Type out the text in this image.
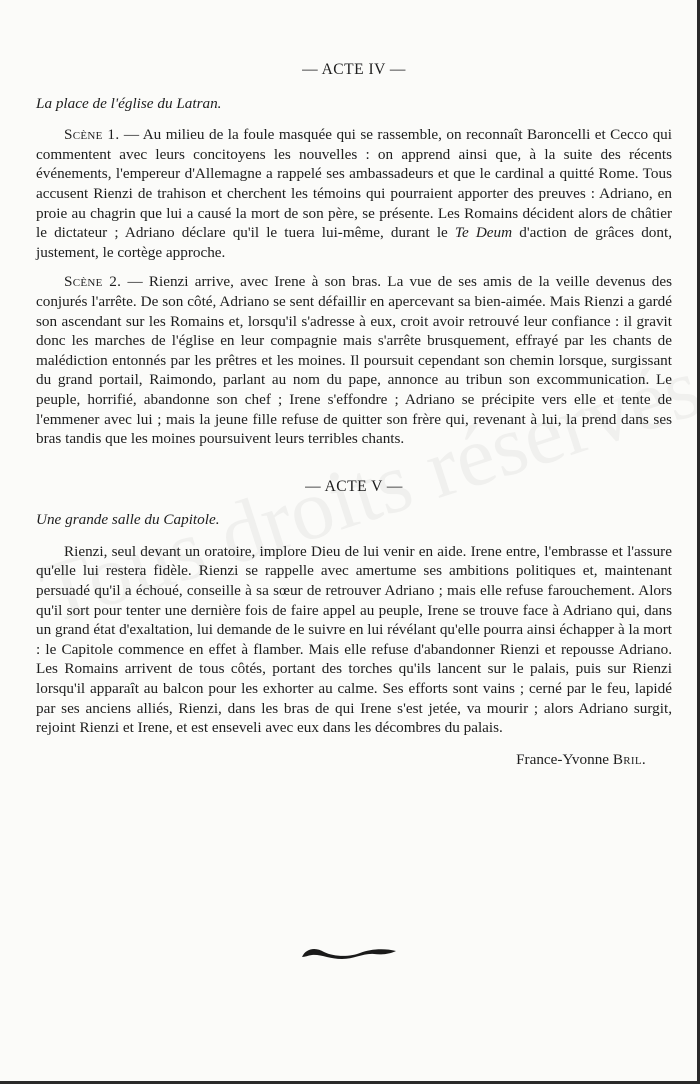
— ACTE IV —
La place de l'église du Latran.

Scène 1. — Au milieu de la foule masquée qui se rassemble, on reconnaît Baroncelli et Cecco qui commentent avec leurs concitoyens les nouvelles : on apprend ainsi que, à la suite des récents événements, l'empereur d'Allemagne a rappelé ses ambassadeurs et que le cardinal a quitté Rome. Tous accusent Rienzi de trahison et cherchent les témoins qui pourraient apporter des preuves : Adriano, en proie au chagrin que lui a causé la mort de son père, se présente. Les Romains décident alors de châtier le dictateur ; Adriano déclare qu'il le tuera lui-même, durant le Te Deum d'action de grâces dont, justement, le cortège approche.

Scène 2. — Rienzi arrive, avec Irene à son bras. La vue de ses amis de la veille devenus des conjurés l'arrête. De son côté, Adriano se sent défaillir en apercevant sa bien-aimée. Mais Rienzi a gardé son ascendant sur les Romains et, lorsqu'il s'adresse à eux, croit avoir retrouvé leur confiance : il gravit donc les marches de l'église en leur compagnie mais s'arrête brusquement, effrayé par les chants de malédiction entonnés par les prêtres et les moines. Il poursuit cependant son chemin lorsque, surgissant du grand portail, Raimondo, parlant au nom du pape, annonce au tribun son excommunication. Le peuple, horrifié, abandonne son chef ; Irene s'effondre ; Adriano se précipite vers elle et tente de l'emmener avec lui ; mais la jeune fille refuse de quitter son frère qui, revenant à lui, la prend dans ses bras tandis que les moines poursuivent leurs terribles chants.

— ACTE V —
Une grande salle du Capitole.

Rienzi, seul devant un oratoire, implore Dieu de lui venir en aide. Irene entre, l'embrasse et l'assure qu'elle lui restera fidèle. Rienzi se rappelle avec amertume ses ambitions politiques et, maintenant persuadé qu'il a échoué, conseille à sa sœur de retrouver Adriano ; mais elle refuse farouchement. Alors qu'il sort pour tenter une dernière fois de faire appel au peuple, Irene se trouve face à Adriano qui, dans un grand état d'exaltation, lui demande de le suivre en lui révélant qu'elle pourra ainsi échapper à la mort : le Capitole commence en effet à flamber. Mais elle refuse d'abandonner Rienzi et repousse Adriano. Les Romains arrivent de tous côtés, portant des torches qu'ils lancent sur le palais, puis sur Rienzi lorsqu'il apparaît au balcon pour les exhorter au calme. Ses efforts sont vains ; cerné par le feu, lapidé par ses anciens alliés, Rienzi, dans les bras de qui Irene s'est jetée, va mourir ; alors Adriano surgit, rejoint Rienzi et Irene, et est enseveli avec eux dans les décombres du palais.

France-Yvonne Bril.
